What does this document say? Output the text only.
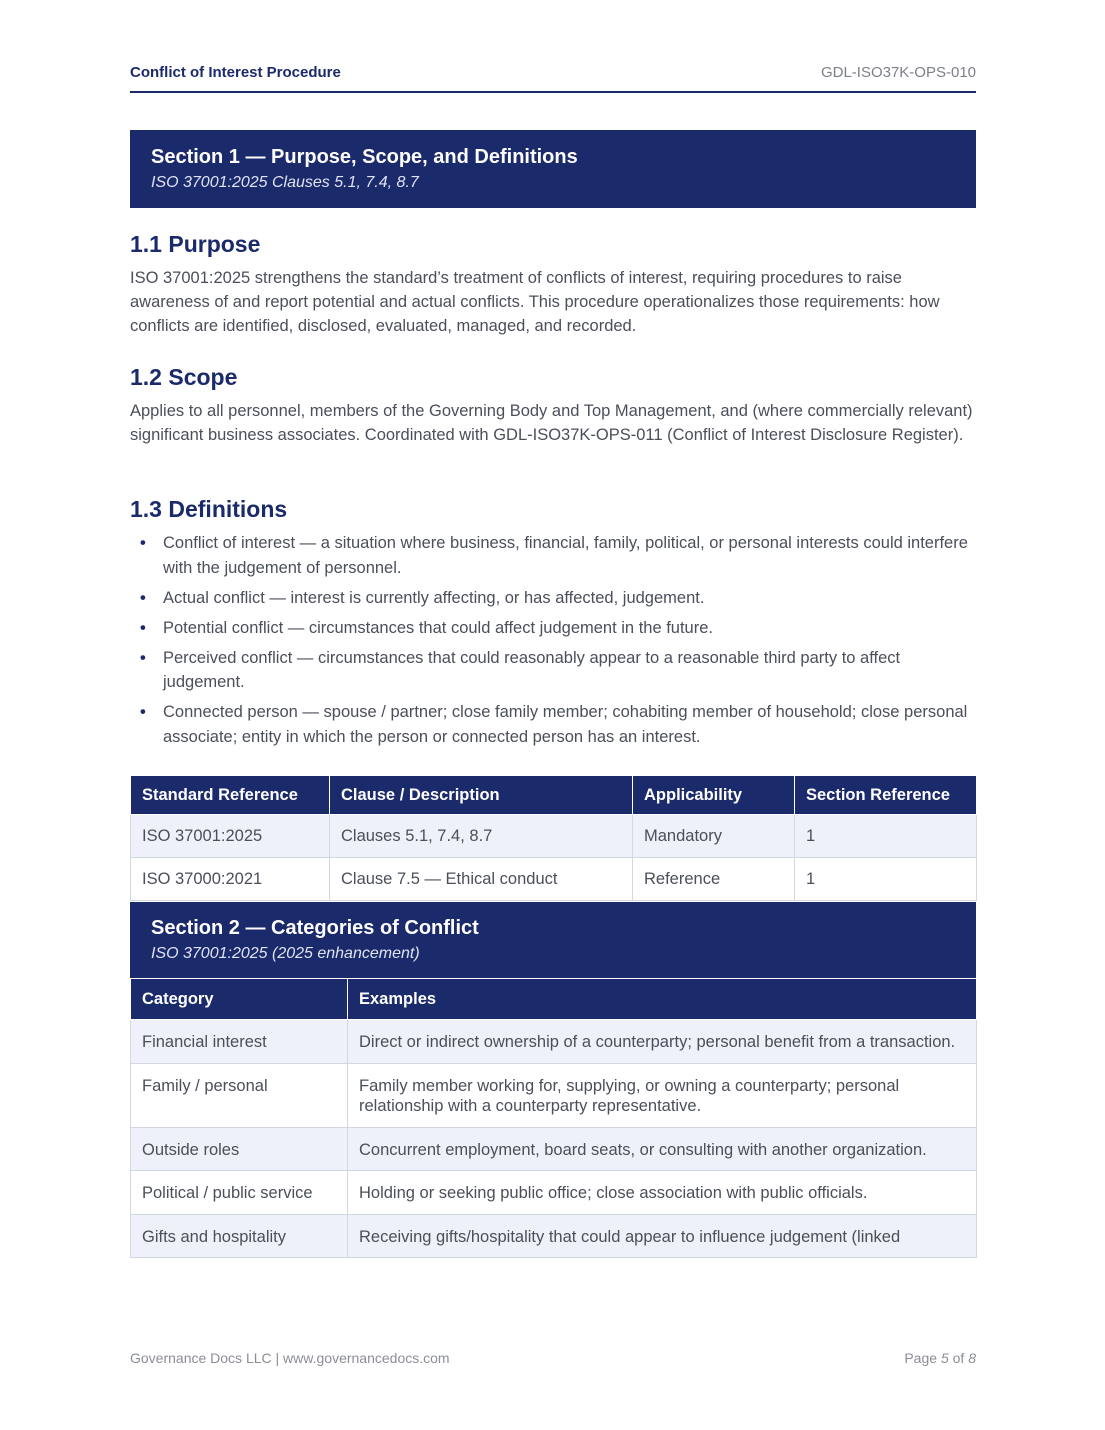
Conflict of Interest Procedure	GDL-ISO37K-OPS-010
Section 1 — Purpose, Scope, and Definitions
ISO 37001:2025 Clauses 5.1, 7.4, 8.7
1.1 Purpose
ISO 37001:2025 strengthens the standard’s treatment of conflicts of interest, requiring procedures to raise awareness of and report potential and actual conflicts. This procedure operationalizes those requirements: how conflicts are identified, disclosed, evaluated, managed, and recorded.
1.2 Scope
Applies to all personnel, members of the Governing Body and Top Management, and (where commercially relevant) significant business associates. Coordinated with GDL-ISO37K-OPS-011 (Conflict of Interest Disclosure Register).
1.3 Definitions
• Conflict of interest — a situation where business, financial, family, political, or personal interests could interfere with the judgement of personnel.
• Actual conflict — interest is currently affecting, or has affected, judgement.
• Potential conflict — circumstances that could affect judgement in the future.
• Perceived conflict — circumstances that could reasonably appear to a reasonable third party to affect judgement.
• Connected person — spouse / partner; close family member; cohabiting member of household; close personal associate; entity in which the person or connected person has an interest.
Standard Reference	Clause / Description	Applicability	Section Reference
ISO 37001:2025	Clauses 5.1, 7.4, 8.7	Mandatory	1
ISO 37000:2021	Clause 7.5 — Ethical conduct	Reference	1
Section 2 — Categories of Conflict
ISO 37001:2025 (2025 enhancement)
Category	Examples
Financial interest	Direct or indirect ownership of a counterparty; personal benefit from a transaction.
Family / personal	Family member working for, supplying, or owning a counterparty; personal relationship with a counterparty representative.
Outside roles	Concurrent employment, board seats, or consulting with another organization.
Political / public service	Holding or seeking public office; close association with public officials.
Gifts and hospitality	Receiving gifts/hospitality that could appear to influence judgement (linked
Governance Docs LLC | www.governancedocs.com	Page 5 of 8
